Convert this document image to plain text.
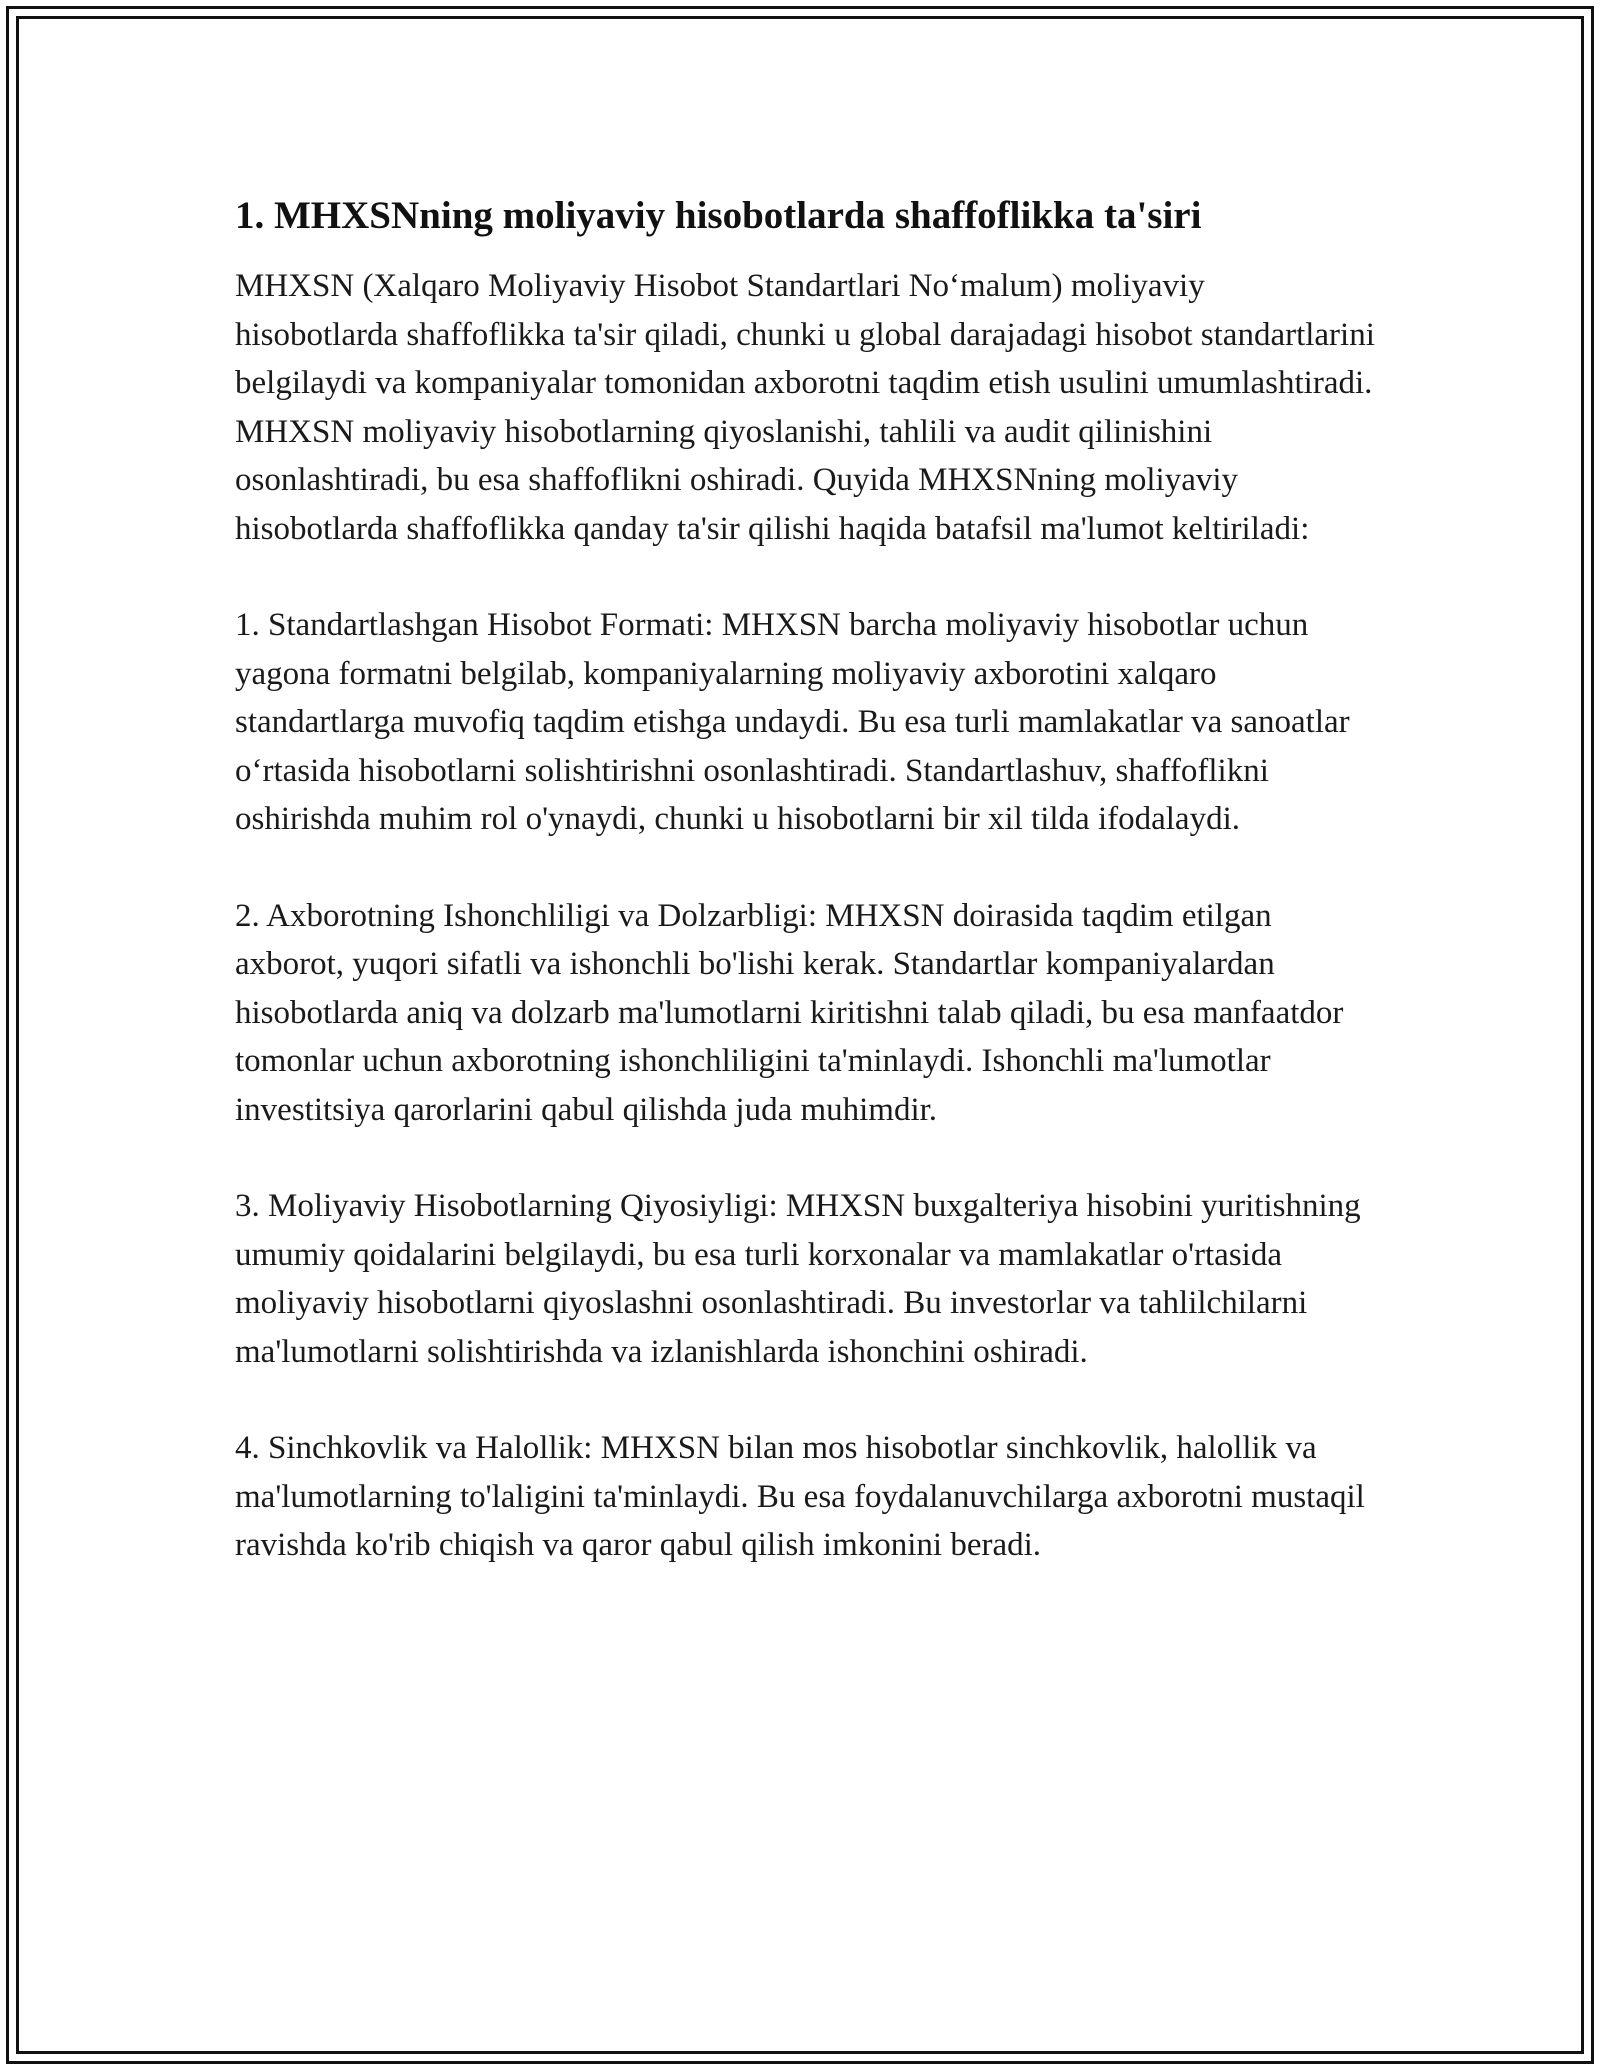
1. MHXSNning moliyaviy hisobotlarda shaffoflikka ta'siri

MHXSN (Xalqaro Moliyaviy Hisobot Standartlari No‘malum) moliyaviy hisobotlarda shaffoflikka ta'sir qiladi, chunki u global darajadagi hisobot standartlarini belgilaydi va kompaniyalar tomonidan axborotni taqdim etish usulini umumlashtiradi. MHXSN moliyaviy hisobotlarning qiyoslanishi, tahlili va audit qilinishini osonlashtiradi, bu esa shaffoflikni oshiradi. Quyida MHXSNning moliyaviy hisobotlarda shaffoflikka qanday ta'sir qilishi haqida batafsil ma'lumot keltiriladi:

1. Standartlashgan Hisobot Formati: MHXSN barcha moliyaviy hisobotlar uchun yagona formatni belgilab, kompaniyalarning moliyaviy axborotini xalqaro standartlarga muvofiq taqdim etishga undaydi. Bu esa turli mamlakatlar va sanoatlar o‘rtasida hisobotlarni solishtirishni osonlashtiradi. Standartlashuv, shaffoflikni oshirishda muhim rol o'ynaydi, chunki u hisobotlarni bir xil tilda ifodalaydi.

2. Axborotning Ishonchliligi va Dolzarbligi: MHXSN doirasida taqdim etilgan axborot, yuqori sifatli va ishonchli bo'lishi kerak. Standartlar kompaniyalardan hisobotlarda aniq va dolzarb ma'lumotlarni kiritishni talab qiladi, bu esa manfaatdor tomonlar uchun axborotning ishonchliligini ta'minlaydi. Ishonchli ma'lumotlar investitsiya qarorlarini qabul qilishda juda muhimdir.

3. Moliyaviy Hisobotlarning Qiyosiyligi: MHXSN buxgalteriya hisobini yuritishning umumiy qoidalarini belgilaydi, bu esa turli korxonalar va mamlakatlar o'rtasida moliyaviy hisobotlarni qiyoslashni osonlashtiradi. Bu investorlar va tahlilchilarni ma'lumotlarni solishtirishda va izlanishlarda ishonchini oshiradi.

4. Sinchkovlik va Halollik: MHXSN bilan mos hisobotlar sinchkovlik, halollik va ma'lumotlarning to'laligini ta'minlaydi. Bu esa foydalanuvchilarga axborotni mustaqil ravishda ko'rib chiqish va qaror qabul qilish imkonini beradi.
